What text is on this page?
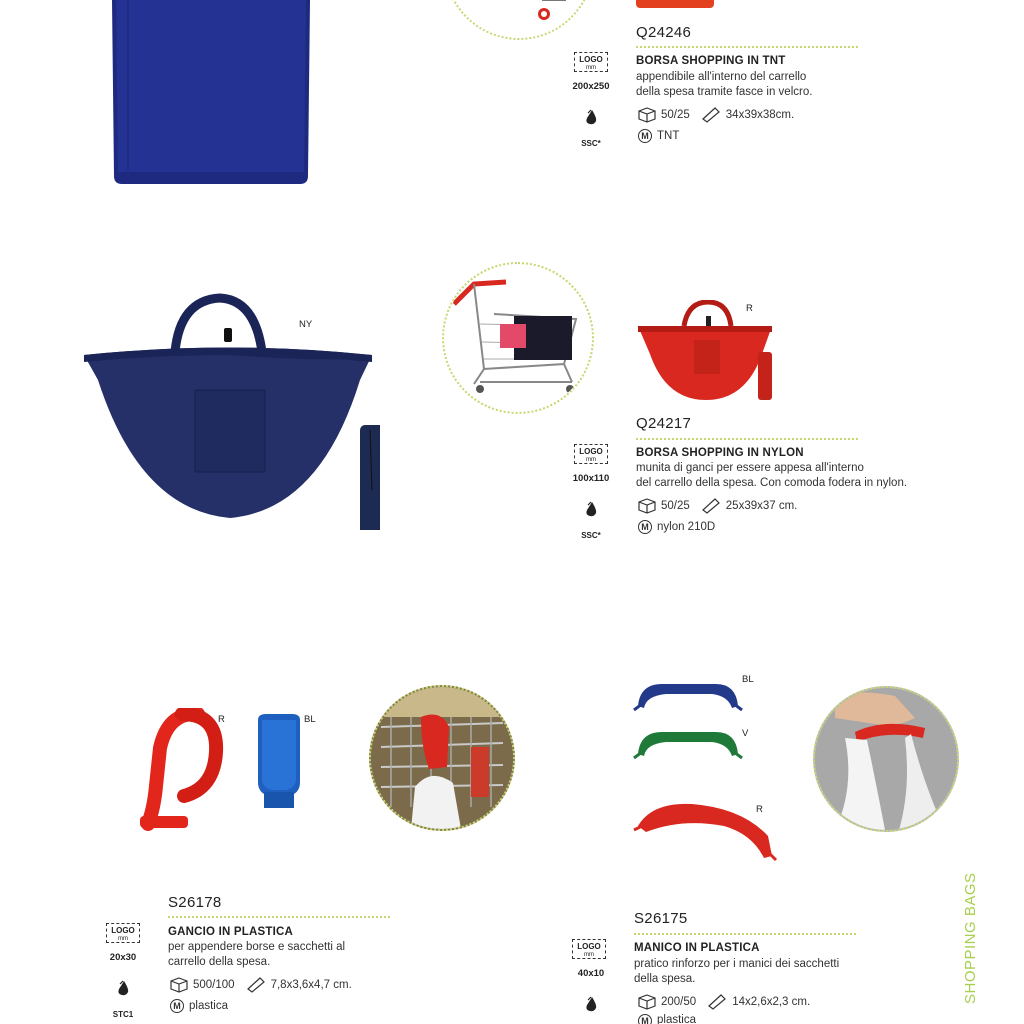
Q24246
BORSA SHOPPING IN TNT
appendibile all'interno del carrello
della spesa tramite fasce in velcro.
50/25	34x39x38cm.
M TNT
LOGO
mm
200x250
SSC*
NY
R
Q24217
BORSA SHOPPING IN NYLON
munita di ganci per essere appesa all'interno
del carrello della spesa. Con comoda fodera in nylon.
50/25	25x39x37 cm.
M nylon 210D
LOGO
mm
100x110
SSC*
R	BL
S26178
GANCIO IN PLASTICA
per appendere borse e sacchetti al
carrello della spesa.
500/100	7,8x3,6x4,7 cm.
M plastica
LOGO
mm
20x30
STC1
BL
V
R
S26175
MANICO IN PLASTICA
pratico rinforzo per i manici dei sacchetti
della spesa.
200/50	14x2,6x2,3 cm.
M plastica
LOGO
mm
40x10	SHOPPING BAGS
